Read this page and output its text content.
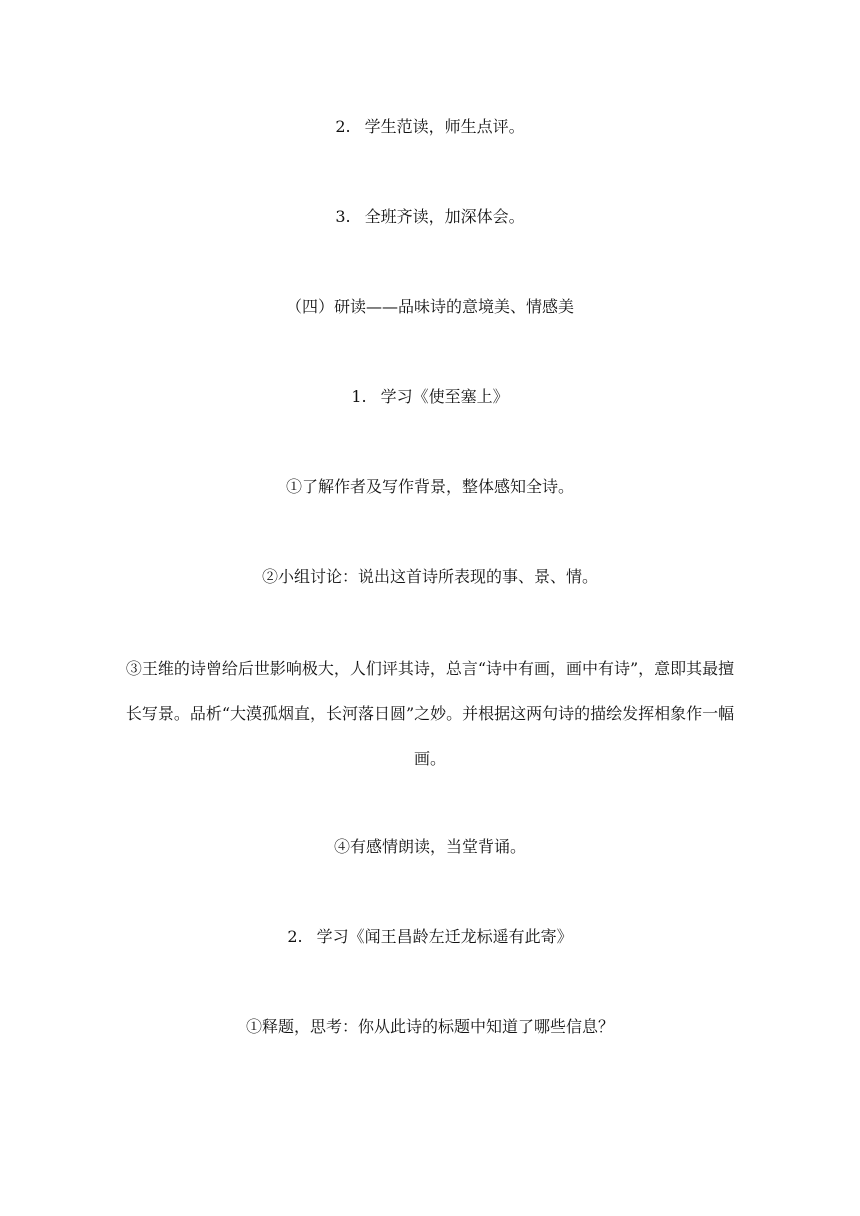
2. 学生范读，师生点评。
3. 全班齐读，加深体会。
（四）研读——品味诗的意境美、情感美
1. 学习《使至塞上》
①了解作者及写作背景，整体感知全诗。
②小组讨论：说出这首诗所表现的事、景、情。
③王维的诗曾给后世影响极大，人们评其诗，总言“诗中有画，画中有诗”，意即其最擅长写景。品析“大漠孤烟直，长河落日圆”之妙。并根据这两句诗的描绘发挥相象作一幅画。
④有感情朗读，当堂背诵。
2. 学习《闻王昌龄左迁龙标遥有此寄》
①释题，思考：你从此诗的标题中知道了哪些信息？
